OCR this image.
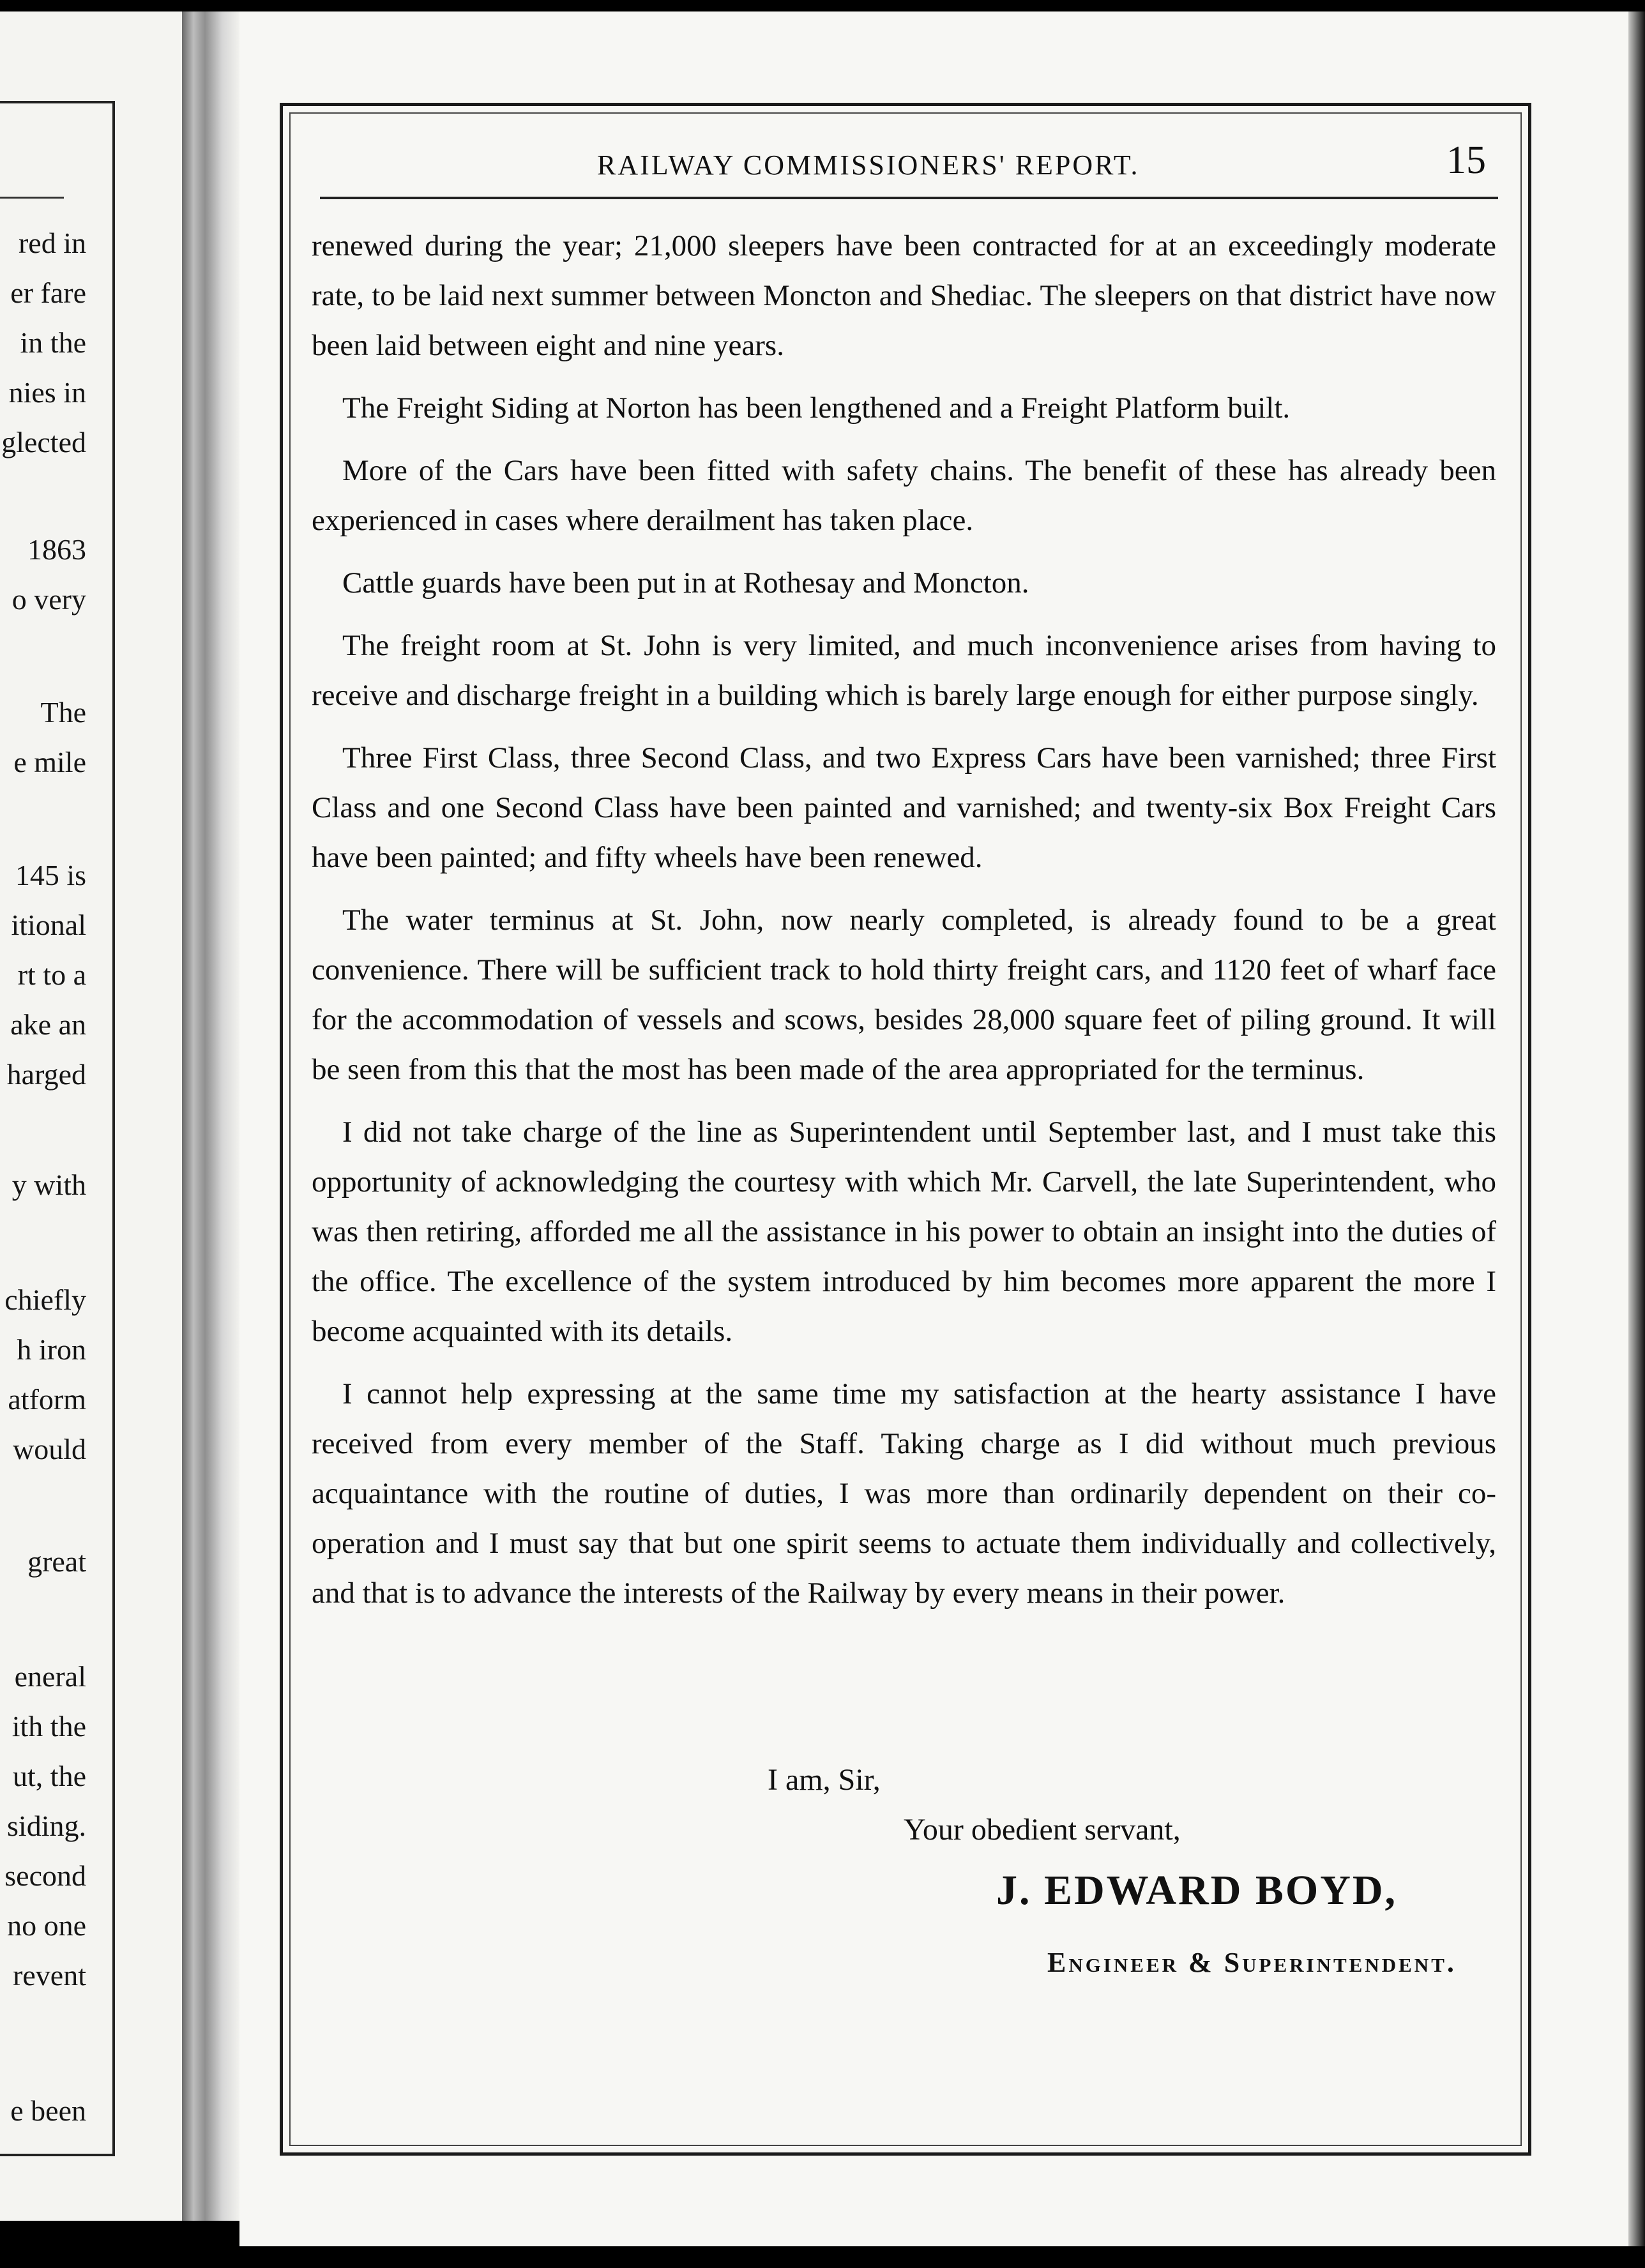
red in

er fare

in the

nies in

glected

1863

o very

The

e mile

145 is

itional

rt to a

ake an

harged

y with

chiefly

h iron

atform

would

great

eneral

ith the

ut, the

siding.

second

no one

revent

e been

RAILWAY COMMISSIONERS' REPORT.	15

renewed during the year; 21,000 sleepers have been contracted for at an exceedingly moderate rate, to be laid next summer between Moncton and Shediac. The sleepers on that district have now been laid between eight and nine years.

The Freight Siding at Norton has been lengthened and a Freight Platform built.

More of the Cars have been fitted with safety chains. The benefit of these has already been experienced in cases where derailment has taken place.

Cattle guards have been put in at Rothesay and Moncton.

The freight room at St. John is very limited, and much inconvenience arises from having to receive and discharge freight in a building which is barely large enough for either purpose singly.

Three First Class, three Second Class, and two Express Cars have been varnished; three First Class and one Second Class have been painted and varnished; and twenty-six Box Freight Cars have been painted; and fifty wheels have been renewed.

The water terminus at St. John, now nearly completed, is already found to be a great convenience. There will be sufficient track to hold thirty freight cars, and 1120 feet of wharf face for the accommodation of vessels and scows, besides 28,000 square feet of piling ground. It will be seen from this that the most has been made of the area appropriated for the terminus.

I did not take charge of the line as Superintendent until September last, and I must take this opportunity of acknowledging the courtesy with which Mr. Carvell, the late Superintendent, who was then retiring, afforded me all the assistance in his power to obtain an insight into the duties of the office. The excellence of the system introduced by him becomes more apparent the more I become acquainted with its details.

I cannot help expressing at the same time my satisfaction at the hearty assistance I have received from every member of the Staff. Taking charge as I did without much previous acquaintance with the routine of duties, I was more than ordinarily dependent on their co-operation and I must say that but one spirit seems to actuate them individually and collectively, and that is to advance the interests of the Railway by every means in their power.

I am, Sir,

Your obedient servant,

J. EDWARD BOYD,

Engineer & Superintendent.
